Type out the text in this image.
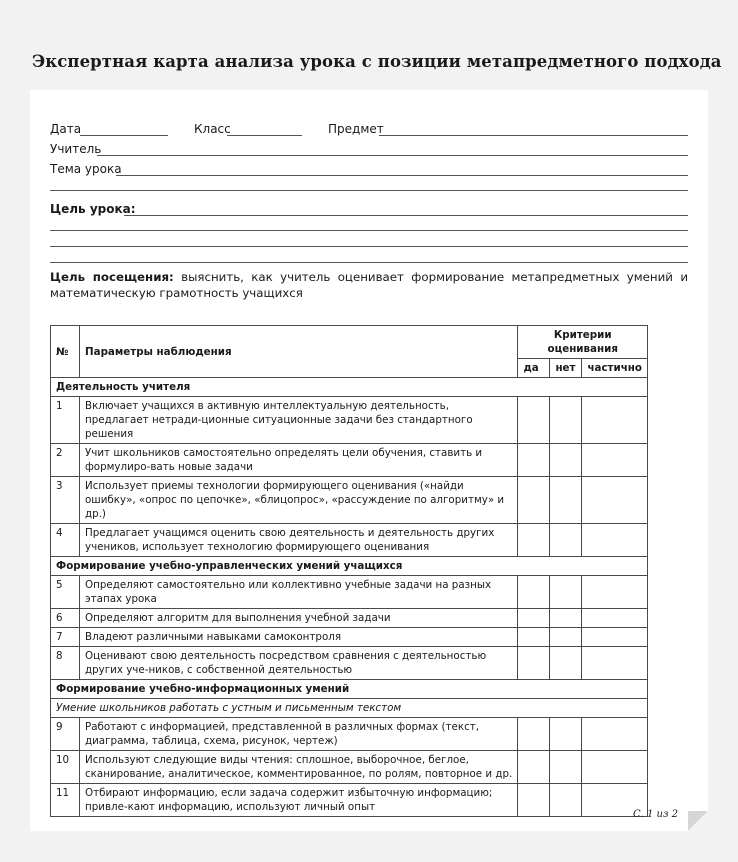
Экспертная карта анализа урока с позиции метапредметного подхода
Дата	Класс	Предмет
Учитель
Тема урока
Цель урока:
Цель посещения: выяснить, как учитель оценивает формирование метапредметных умений и математическую грамотность учащихся
№	Параметры наблюдения	Критерии оценивания		
		да	нет	частично
Деятельность учителя				
1	Включает учащихся в активную интеллектуальную деятельность, предлагает нетради-ционные ситуационные задачи без стандартного решения			
2	Учит школьников самостоятельно определять цели обучения, ставить и формулиро-вать новые задачи			
3	Использует приемы технологии формирующего оценивания («найди ошибку», «опрос по цепочке», «блицопрос», «рассуждение по алгоритму» и др.)			
4	Предлагает учащимся оценить свою деятельность и деятельность других учеников, использует технологию формирующего оценивания			
Формирование учебно-управленческих умений учащихся				
5	Определяют самостоятельно или коллективно учебные задачи на разных этапах урока			
6	Определяют алгоритм для выполнения учебной задачи			
7	Владеют различными навыками самоконтроля			
8	Оценивают свою деятельность посредством сравнения с деятельностью других уче-ников, с собственной деятельностью			
Формирование учебно-информационных умений				
Умение школьников работать с устным и письменным текстом				
9	Работают с информацией, представленной в различных формах (текст, диаграмма, таблица, схема, рисунок, чертеж)			
10	Используют следующие виды чтения: сплошное, выборочное, беглое, сканирование, аналитическое, комментированное, по ролям, повторное и др.			
11	Отбирают информацию, если задача содержит избыточную информацию; привле-кают информацию, используют личный опыт			
С. 1 из 2
